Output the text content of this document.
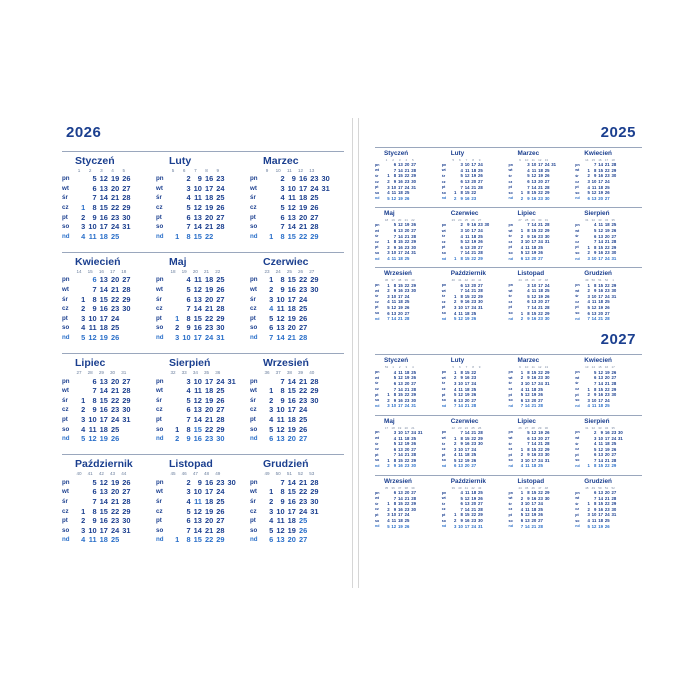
2026
Styczeń
1	2	3	4	5
pn	5 12 19 26
wt	6 13 20 27
śr	7 14 21 28
cz	1 8 15 22 29
pt	2 9 16 23 30
so	3 10 17 24 31
nd	4 11 18 25
Luty
5	6	7	8	9
pn	2 9 16 23
wt	3 10 17 24
śr	4 11 18 25
cz	5 12 19 26
pt	6 13 20 27
so	7 14 21 28
nd	1 8 15 22
Marzec
9	10	11	12	13
pn	2 9 16 23 30
wt	3 10 17 24 31
śr	4 11 18 25
cz	5 12 19 26
pt	6 13 20 27
so	7 14 21 28
nd	1 8 15 22 29
Kwiecień
14	15	16	17	18
pn	6 13 20 27
wt	7 14 21 28
śr	1 8 15 22 29
cz	2 9 16 23 30
pt	3 10 17 24
so	4 11 18 25
nd	5 12 19 26
Maj
18	19	20	21	22
pn	4 11 18 25
wt	5 12 19 26
śr	6 13 20 27
cz	7 14 21 28
pt	1 8 15 22 29
so	2 9 16 23 30
nd	3 10 17 24 31
Czerwiec
23	24	25	26	27
pn	1 8 15 22 29
wt	2 9 16 23 30
śr	3 10 17 24
cz	4 11 18 25
pt	5 12 19 26
so	6 13 20 27
nd	7 14 21 28
Lipiec
27	28	29	30	31
pn	6 13 20 27
wt	7 14 21 28
śr	1 8 15 22 29
cz	2 9 16 23 30
pt	3 10 17 24 31
so	4 11 18 25
nd	5 12 19 26
Sierpień
32	33	34	35	36
pn	3 10 17 24 31
wt	4 11 18 25
śr	5 12 19 26
cz	6 13 20 27
pt	7 14 21 28
so	1 8 15 22 29
nd	2 9 16 23 30
Wrzesień
36	37	38	39	40
pn	7 14 21 28
wt	1 8 15 22 29
śr	2 9 16 23 30
cz	3 10 17 24
pt	4 11 18 25
so	5 12 19 26
nd	6 13 20 27
Październik
40	41	42	43	44
pn	5 12 19 26
wt	6 13 20 27
śr	7 14 21 28
cz	1 8 15 22 29
pt	2 9 16 23 30
so	3 10 17 24 31
nd	4 11 18 25
Listopad
45	46	47	48	49
pn	2 9 16 23 30
wt	3 10 17 24
śr	4 11 18 25
cz	5 12 19 26
pt	6 13 20 27
so	7 14 21 28
nd	1 8 15 22 29
Grudzień
49	50	51	52	53
pn	7 14 21 28
wt	1 8 15 22 29
śr	2 9 16 23 30
cz	3 10 17 24 31
pt	4 11 18 25
so	5 12 19 26
nd	6 13 20 27
2025
Styczeń
1	2	3	4	5
pn	6 13 20 27
wt	7 14 21 28
śr	1 8 15 22 29
cz	2 9 16 23 30
pt	3 10 17 24 31
so	4 11 18 25
nd	5 12 19 26
Luty
5	6	7	8	9
pn	3 10 17 24
wt	4 11 18 25
śr	5 12 19 26
cz	6 13 20 27
pt	7 14 21 28
so	1 8 15 22
nd	2 9 16 23
Marzec
9	10	11	12 13
pn	3 10 17 24 31
wt	4 11 18 25
śr	5 12 19 26
cz	6 13 20 27
pt	7 14 21 28
so	1 8 15 22 29
nd	2 9 16 23 30
Kwiecień
14 15 16 17 18
pn	7 14 21 28
wt	1 8 15 22 29
śr	2 9 16 23 30
cz	3 10 17 24
pt	4 11 18 25
so	5 12 19 26
nd	6 13 20 27
Maj
18 19 20 21 22
pn	5 12 19 26
wt	6 13 20 27
śr	7 14 21 28
cz	1 8 15 22 29
pt	2 9 16 23 30
so	3 10 17 24 31
nd	4 11 18 25
Czerwiec
23 24 25 26 27
pn	2 9 16 23 30
wt	3 10 17 24
śr	4 11 18 25
cz	5 12 19 26
pt	6 13 20 27
so	7 14 21 28
nd	1 8 15 22 29
Lipiec
27 28 29 30 31
pn	7 14 21 28
wt	1 8 15 22 29
śr	2 9 16 23 30
cz	3 10 17 24 31
pt	4 11 18 25
so	5 12 19 26
nd	6 13 20 27
Sierpień
31 32 33 34 35
pn	4 11 18 25
wt	5 12 19 26
śr	6 13 20 27
cz	7 14 21 28
pt	1 8 15 22 29
so	2 9 16 23 30
nd	3 10 17 24 31
Wrzesień
36 37 38 39 40
pn	1 8 15 22 29
wt	2 9 16 23 30
śr	3 10 17 24
cz	4 11 18 25
pt	5 12 19 26
so	6 13 20 27
nd	7 14 21 28
Październik
40 41 42 43 44
pn	6 13 20 27
wt	7 14 21 28
śr	1 8 15 22 29
cz	2 9 16 23 30
pt	3 10 17 24 31
so	4 11 18 25
nd	5 12 19 26
Listopad
44 45 46 47 48
pn	3 10 17 24
wt	4 11 18 25
śr	5 12 19 26
cz	6 13 20 27
pt	7 14 21 28
so	1 8 15 22 29
nd	2 9 16 23 30
Grudzień
49 50 51 52	1
pn	1 8 15 22 29
wt	2 9 16 23 30
śr	3 10 17 24 31
cz	4 11 18 25
pt	5 12 19 26
so	6 13 20 27
nd	7 14 21 28
2027
Styczeń
53	1	2	3	4
pn	4 11 18 25
wt	5 12 19 26
śr	6 13 20 27
cz	7 14 21 28
pt	1 8 15 22 29
so	2 9 16 23 30
nd	3 10 17 24 31
Luty
5	6	7	8	9
pn	1 8 15 22
wt	2 9 16 23
śr	3 10 17 24
cz	4 11 18 25
pt	5 12 19 26
so	6 13 20 27
nd	7 14 21 28
Marzec
9	10	11	12 13
pn	1 8 15 22 29
wt	2 9 16 23 30
śr	3 10 17 24 31
cz	4 11 18 25
pt	5 12 19 26
so	6 13 20 27
nd	7 14 21 28
Kwiecień
13 14 15 16 17
pn	5 12 19 26
wt	6 13 20 27
śr	7 14 21 28
cz	1 8 15 22 29
pt	2 9 16 23 30
so	3 10 17 24
nd	4 11 18 25
Maj
17 18 19 20 21
pn	3 10 17 24 31
wt	4 11 18 25
śr	5 12 19 26
cz	6 13 20 27
pt	7 14 21 28
so	1 8 15 22 29
nd	2 9 16 23 30
Czerwiec
22 23 24 25 26
pn	7 14 21 28
wt	1 8 15 22 29
śr	2 9 16 23 30
cz	3 10 17 24
pt	4 11 18 25
so	5 12 19 26
nd	6 13 20 27
Lipiec
26 27 28 29 30
pn	5 12 19 26
wt	6 13 20 27
śr	7 14 21 28
cz	1 8 15 22 29
pt	2 9 16 23 30
so	3 10 17 24 31
nd	4 11 18 25
Sierpień
31 32 33 34 35
pn	2 9 16 23 30
wt	3 10 17 24 31
śr	4 11 18 25
cz	5 12 19 26
pt	6 13 20 27
so	7 14 21 28
nd	1 8 15 22 29
Wrzesień
35 36 37 38 39
pn	6 13 20 27
wt	7 14 21 28
śr	1 8 15 22 29
cz	2 9 16 23 30
pt	3 10 17 24
so	4 11 18 25
nd	5 12 19 26
Październik
39 40 41 42 43
pn	4 11 18 25
wt	5 12 19 26
śr	6 13 20 27
cz	7 14 21 28
pt	1 8 15 22 29
so	2 9 16 23 30
nd	3 10 17 24 31
Listopad
44 45 46 47 48
pn	1 8 15 22 29
wt	2 9 16 23 30
śr	3 10 17 24
cz	4 11 18 25
pt	5 12 19 26
so	6 13 20 27
nd	7 14 21 28
Grudzień
48 49 50 51 52
pn	6 13 20 27
wt	7 14 21 28
śr	1 8 15 22 29
cz	2 9 16 23 30
pt	3 10 17 24 31
so	4 11 18 25
nd	5 12 19 26
